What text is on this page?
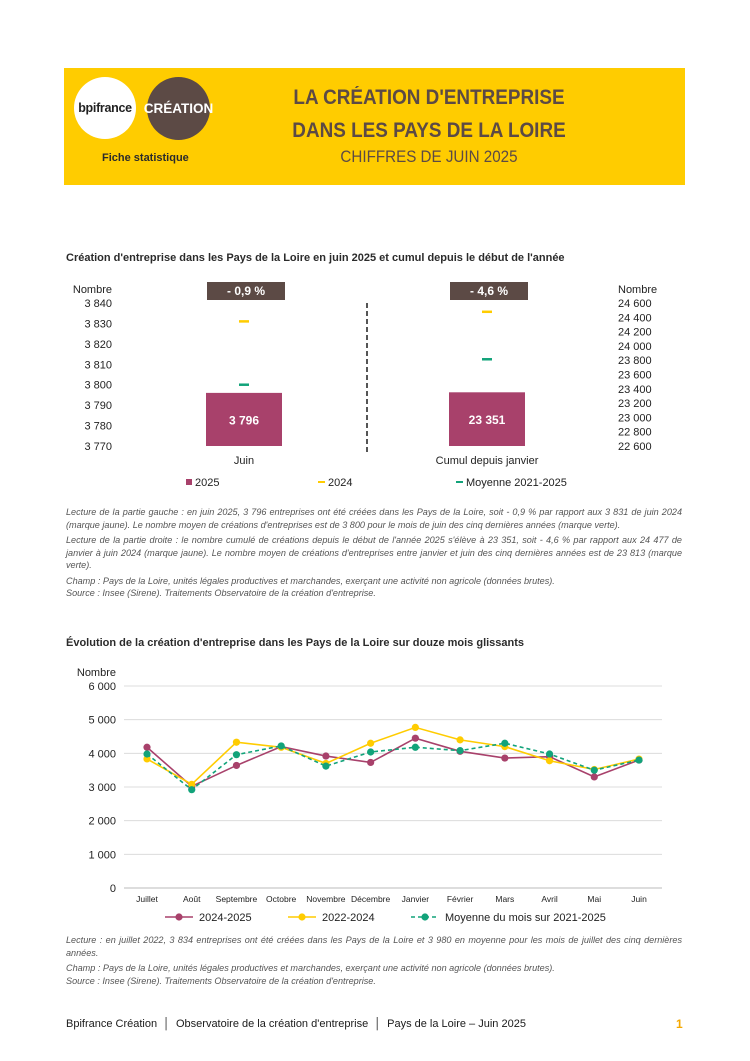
bpifrance CRÉATION
Fiche statistique
LA CRÉATION D'ENTREPRISE
DANS LES PAYS DE LA LOIRE
CHIFFRES DE JUIN 2025
Création d'entreprise dans les Pays de la Loire en juin 2025 et cumul depuis le début de l'année
Nombre	Nombre
3 840
3 830
3 820
3 810
3 800
3 790
3 780
3 770
24 600
24 400
24 200
24 000
23 800
23 600
23 400
23 200
23 000
22 800
22 600
3 796
- 0,9 %
Juin
23 351
- 4,6 %
Cumul depuis janvier
2025	2024	Moyenne 2021-2025

Lecture de la partie gauche : en juin 2025, 3 796 entreprises ont été créées dans les Pays de la Loire, soit - 0,9 % par rapport aux 3 831 de juin 2024 (marque jaune). Le nombre moyen de créations d'entreprises est de 3 800 pour le mois de juin des cinq dernières années (marque verte).

Lecture de la partie droite : le nombre cumulé de créations depuis le début de l'année 2025 s'élève à 23 351, soit - 4,6 % par rapport aux 24 477 de janvier à juin 2024 (marque jaune). Le nombre moyen de créations d'entreprises entre janvier et juin des cinq dernières années est de 23 813 (marque verte).

Champ : Pays de la Loire, unités légales productives et marchandes, exerçant une activité non agricole (données brutes).

Source : Insee (Sirene). Traitements Observatoire de la création d'entreprise.

Évolution de la création d'entreprise dans les Pays de la Loire sur douze mois glissants
Nombre
0
1 000
2 000
3 000
4 000
5 000
6 000
Juillet	Août Septembre Octobre Novembre Décembre Janvier Février	Mars	Avril	Mai	Juin
2024-2025	2022-2024	Moyenne du mois sur 2021-2025

Lecture : en juillet 2022, 3 834 entreprises ont été créées dans les Pays de la Loire et 3 980 en moyenne pour les mois de juillet des cinq dernières années.

Champ : Pays de la Loire, unités légales productives et marchandes, exerçant une activité non agricole (données brutes).

Source : Insee (Sirene). Traitements Observatoire de la création d'entreprise.

Bpifrance Création │ Observatoire de la création d'entreprise │ Pays de la Loire – Juin 2025	1
